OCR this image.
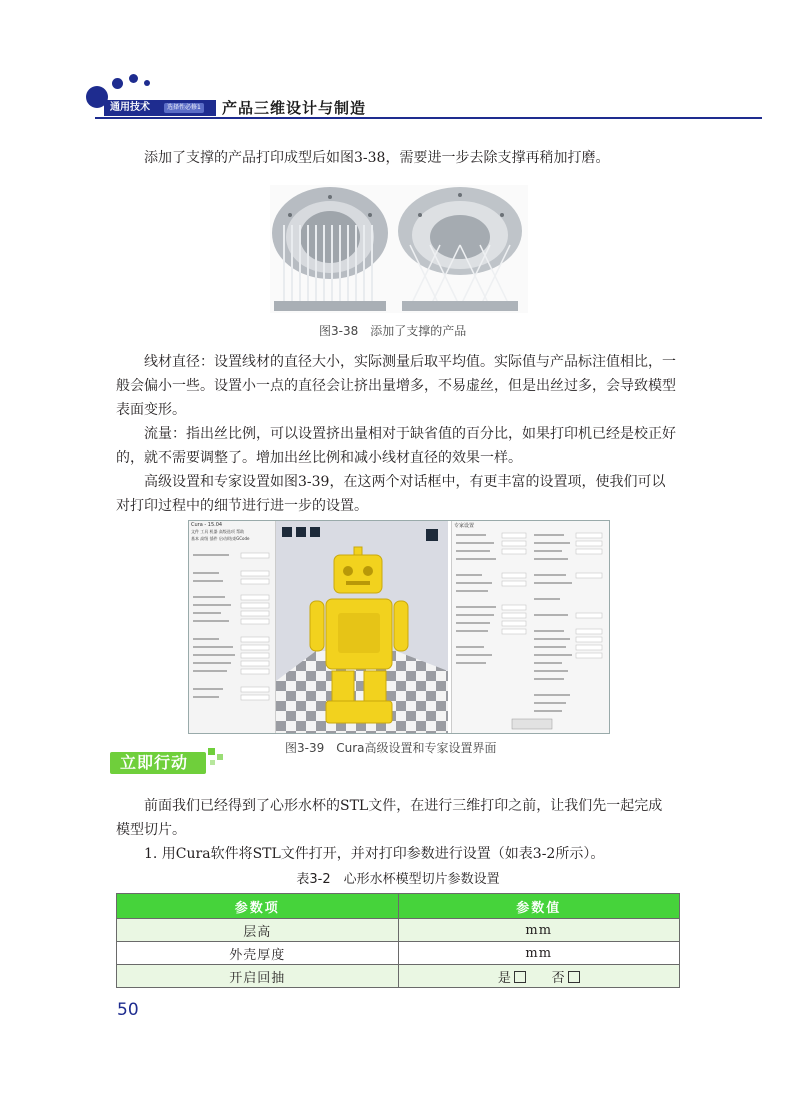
通用技术	选择性必修1 产品三维设计与制造

添加了支撑的产品打印成型后如图3-38，需要进一步去除支撑再稍加打磨。

图3-38　添加了支撑的产品

线材直径：设置线材的直径大小，实际测量后取平均值。实际值与产品标注值相比，一般会偏小一些。设置小一点的直径会让挤出量增多，不易虚丝，但是出丝过多，会导致模型表面变形。

流量：指出丝比例，可以设置挤出量相对于缺省值的百分比，如果打印机已经是校正好的，就不需要调整了。增加出丝比例和减小线材直径的效果一样。

高级设置和专家设置如图3-39，在这两个对话框中，有更丰富的设置项，使我们可以对打印过程中的细节进行进一步的设置。

Cura - 15.04
文件 工具 机器 高级选项 帮助
基本 高级 插件 启动/结束GCode
专家设置
图3-39　Cura高级设置和专家设置界面
立即行动

前面我们已经得到了心形水杯的STL文件，在进行三维打印之前，让我们先一起完成模型切片。

1. 用Cura软件将STL文件打开，并对打印参数进行设置（如表3-2所示）。

表3-2　心形水杯模型切片参数设置
参数项	参数值
层高	mm
外壳厚度	mm
开启回抽	是 否
50
